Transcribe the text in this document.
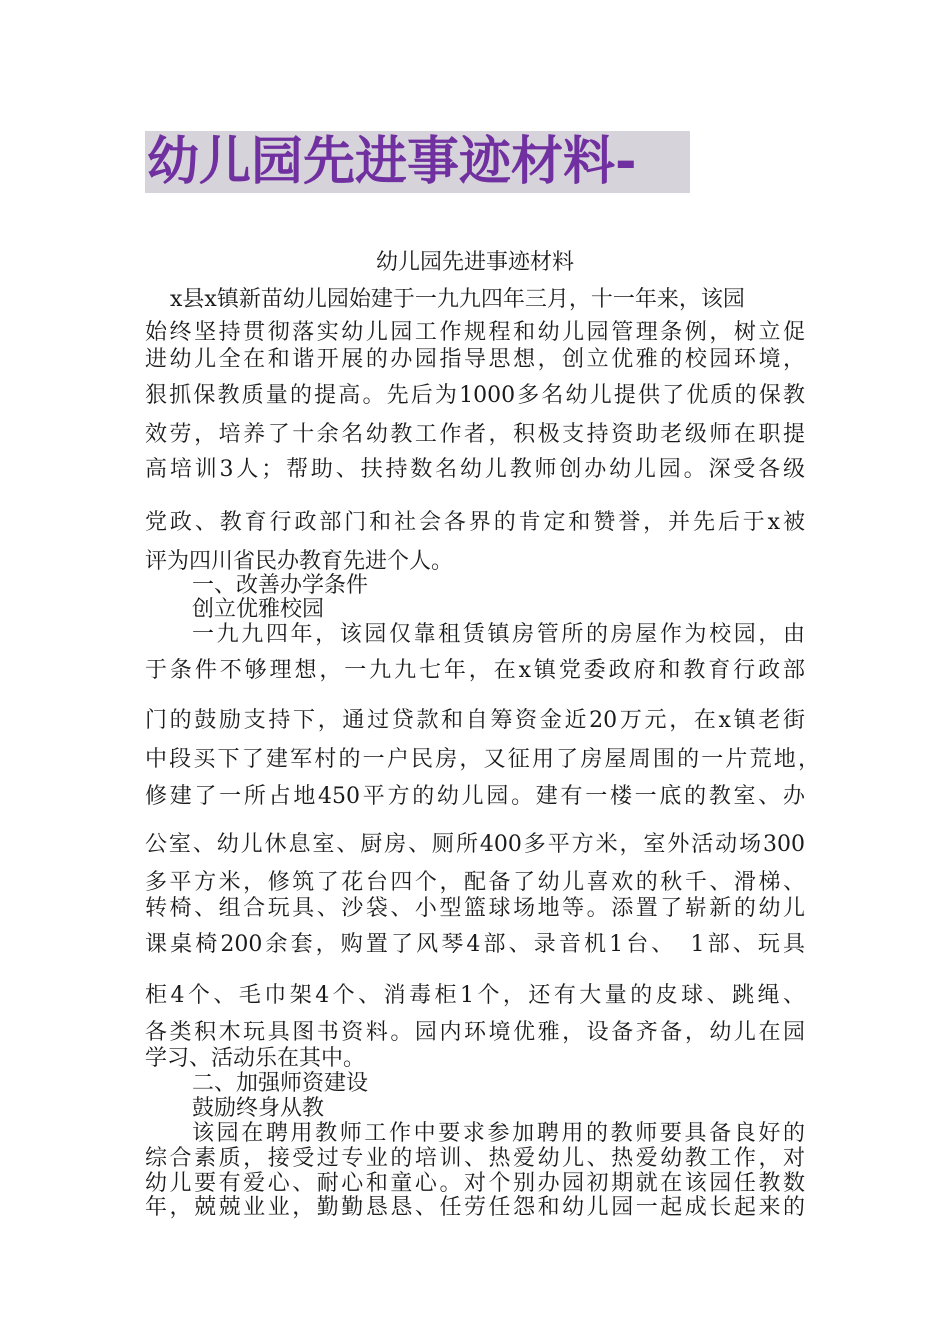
幼儿园先进事迹材料-
幼儿园先进事迹材料
x县x镇新苗幼儿园始建于一九九四年三月，十一年来，该园
始终坚持贯彻落实幼儿园工作规程和幼儿园管理条例，树立促
进幼儿全在和谐开展的办园指导思想，创立优雅的校园环境，
狠抓保教质量的提高。先后为1000多名幼儿提供了优质的保教
效劳，培养了十余名幼教工作者，积极支持资助老级师在职提
高培训3人；帮助、扶持数名幼儿教师创办幼儿园。深受各级
党政、教育行政部门和社会各界的肯定和赞誉，并先后于x被
评为四川省民办教育先进个人。
一、改善办学条件
创立优雅校园
一九九四年，该园仅靠租赁镇房管所的房屋作为校园，由
于条件不够理想，一九九七年，在x镇党委政府和教育行政部
门的鼓励支持下，通过贷款和自筹资金近20万元，在x镇老街
中段买下了建军村的一户民房，又征用了房屋周围的一片荒地，
修建了一所占地450平方的幼儿园。建有一楼一底的教室、办
公室、幼儿休息室、厨房、厕所400多平方米，室外活动场300
多平方米，修筑了花台四个，配备了幼儿喜欢的秋千、滑梯、
转椅、组合玩具、沙袋、小型篮球场地等。添置了崭新的幼儿
课桌椅200余套，购置了风琴4部、录音机1台、　1部、玩具
柜4个、毛巾架4个、消毒柜1个，还有大量的皮球、跳绳、
各类积木玩具图书资料。园内环境优雅，设备齐备，幼儿在园
学习、活动乐在其中。
二、加强师资建设
鼓励终身从教
该园在聘用教师工作中要求参加聘用的教师要具备良好的
综合素质，接受过专业的培训、热爱幼儿、热爱幼教工作，对
幼儿要有爱心、耐心和童心。对个别办园初期就在该园任教数
年，兢兢业业，勤勤恳恳、任劳任怨和幼儿园一起成长起来的
